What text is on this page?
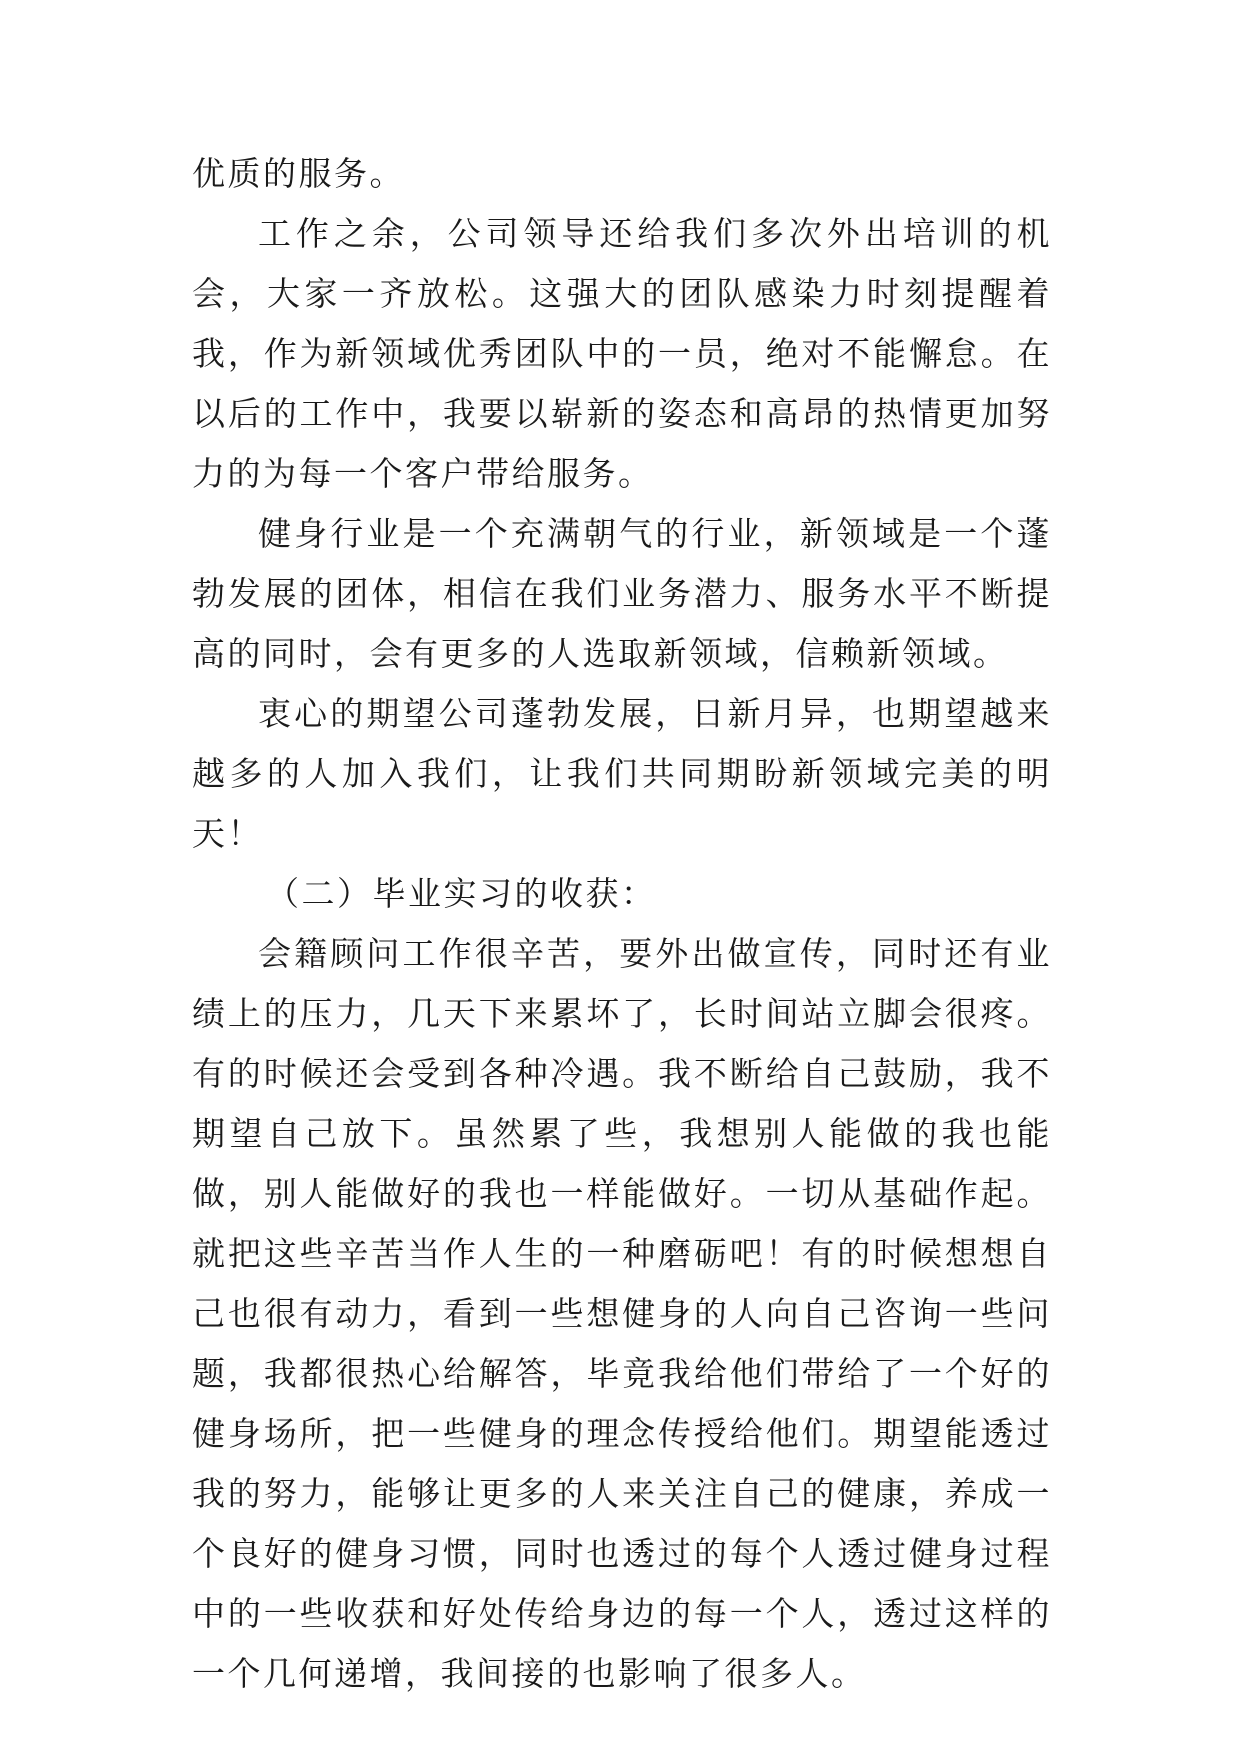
优质的服务。

工作之余，公司领导还给我们多次外出培训的机会，大家一齐放松。这强大的团队感染力时刻提醒着我，作为新领域优秀团队中的一员，绝对不能懈怠。在以后的工作中，我要以崭新的姿态和高昂的热情更加努力的为每一个客户带给服务。

健身行业是一个充满朝气的行业，新领域是一个蓬勃发展的团体，相信在我们业务潜力、服务水平不断提高的同时，会有更多的人选取新领域，信赖新领域。

衷心的期望公司蓬勃发展，日新月异，也期望越来越多的人加入我们，让我们共同期盼新领域完美的明天！

（二）毕业实习的收获：

会籍顾问工作很辛苦，要外出做宣传，同时还有业绩上的压力，几天下来累坏了，长时间站立脚会很疼。有的时候还会受到各种冷遇。我不断给自己鼓励，我不期望自己放下。虽然累了些，我想别人能做的我也能做，别人能做好的我也一样能做好。一切从基础作起。就把这些辛苦当作人生的一种磨砺吧！有的时候想想自己也很有动力，看到一些想健身的人向自己咨询一些问题，我都很热心给解答，毕竟我给他们带给了一个好的健身场所，把一些健身的理念传授给他们。期望能透过我的努力，能够让更多的人来关注自己的健康，养成一个良好的健身习惯，同时也透过的每个人透过健身过程中的一些收获和好处传给身边的每一个人，透过这样的一个几何递增，我间接的也影响了很多人。
